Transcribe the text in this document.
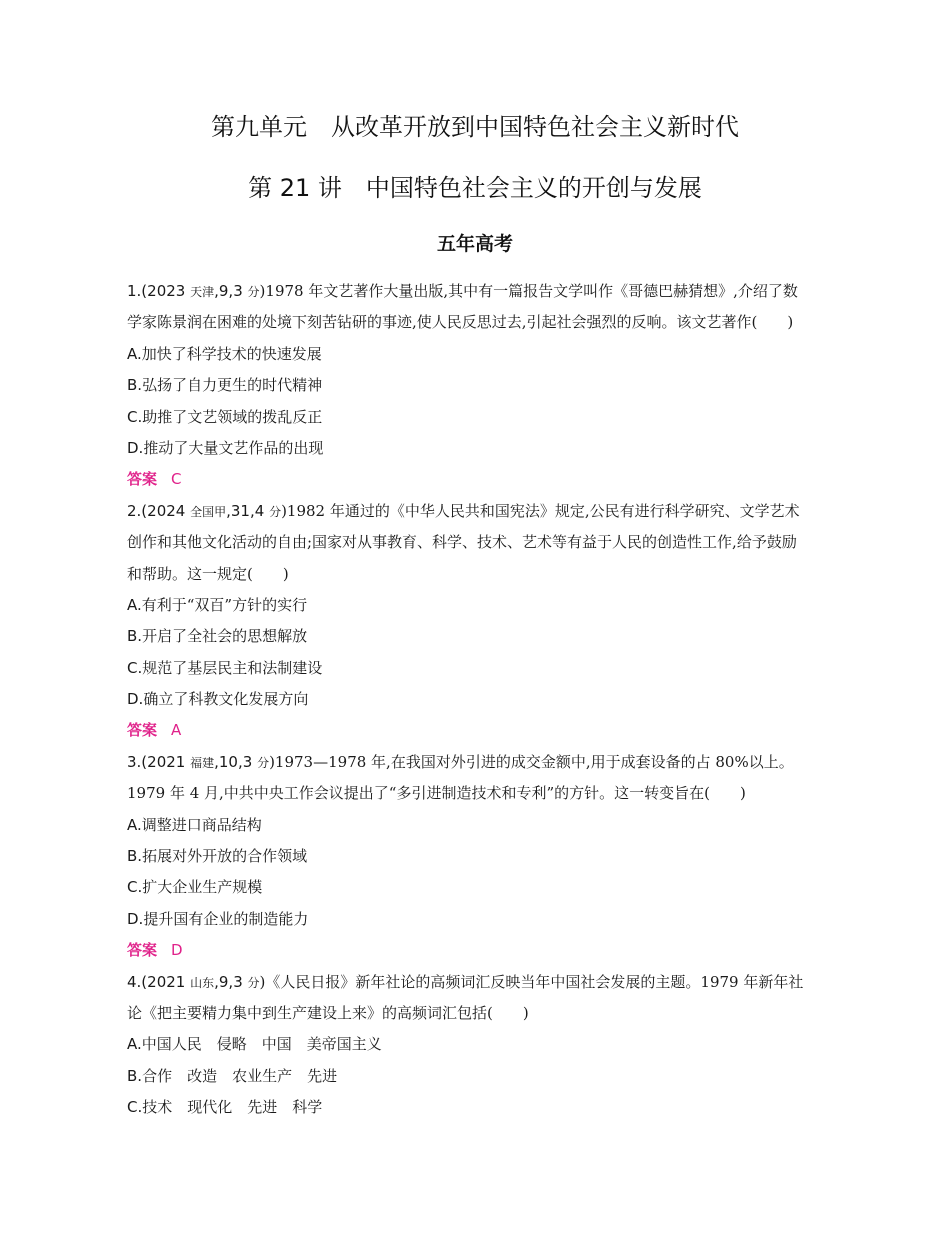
第九单元　从改革开放到中国特色社会主义新时代
第 21 讲　中国特色社会主义的开创与发展
五年高考
1.(2023 天津,9,3 分)1978 年文艺著作大量出版,其中有一篇报告文学叫作《哥德巴赫猜想》,介绍了数
学家陈景润在困难的处境下刻苦钻研的事迹,使人民反思过去,引起社会强烈的反响。该文艺著作(　　)
A.加快了科学技术的快速发展
B.弘扬了自力更生的时代精神
C.助推了文艺领域的拨乱反正
D.推动了大量文艺作品的出现
答案 C
2.(2024 全国甲,31,4 分)1982 年通过的《中华人民共和国宪法》规定,公民有进行科学研究、文学艺术
创作和其他文化活动的自由;国家对从事教育、科学、技术、艺术等有益于人民的创造性工作,给予鼓励
和帮助。这一规定(　　)
A.有利于“双百”方针的实行
B.开启了全社会的思想解放
C.规范了基层民主和法制建设
D.确立了科教文化发展方向
答案 A
3.(2021 福建,10,3 分)1973—1978 年,在我国对外引进的成交金额中,用于成套设备的占 80%以上。
1979 年 4 月,中共中央工作会议提出了“多引进制造技术和专利”的方针。这一转变旨在(　　)
A.调整进口商品结构
B.拓展对外开放的合作领域
C.扩大企业生产规模
D.提升国有企业的制造能力
答案 D
4.(2021 山东,9,3 分)《人民日报》新年社论的高频词汇反映当年中国社会发展的主题。1979 年新年社
论《把主要精力集中到生产建设上来》的高频词汇包括(　　)
A.中国人民　侵略　中国　美帝国主义
B.合作　改造　农业生产　先进
C.技术　现代化　先进　科学
